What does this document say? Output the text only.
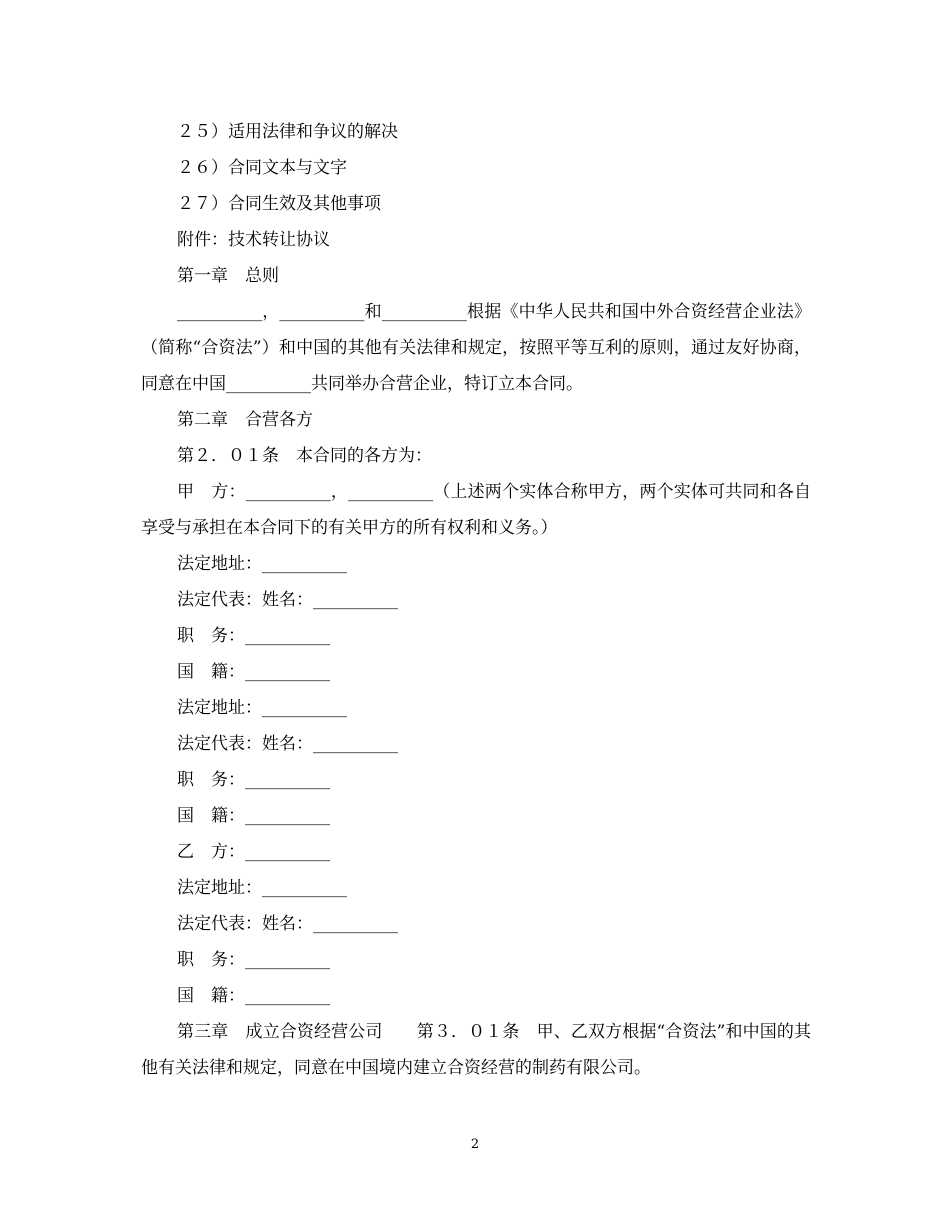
２５）适用法律和争议的解决

２６）合同文本与文字

２７）合同生效及其他事项

附件：技术转让协议

第一章　总则

__________，__________和__________根据《中华人民共和国中外合资经营企业法》（简称“合资法”）和中国的其他有关法律和规定，按照平等互利的原则，通过友好协商，同意在中国__________共同举办合营企业，特订立本合同。

第二章　合营各方

第２．０１条　本合同的各方为：

甲　方：__________，__________（上述两个实体合称甲方，两个实体可共同和各自享受与承担在本合同下的有关甲方的所有权利和义务。）

法定地址：__________

法定代表：姓名：__________

职　务：__________

国　籍：__________

法定地址：__________

法定代表：姓名：__________

职　务：__________

国　籍：__________

乙　方：__________

法定地址：__________

法定代表：姓名：__________

职　务：__________

国　籍：__________

第三章　成立合资经营公司　　第３．０１条　甲、乙双方根据“合资法”和中国的其他有关法律和规定，同意在中国境内建立合资经营的制药有限公司。

2
